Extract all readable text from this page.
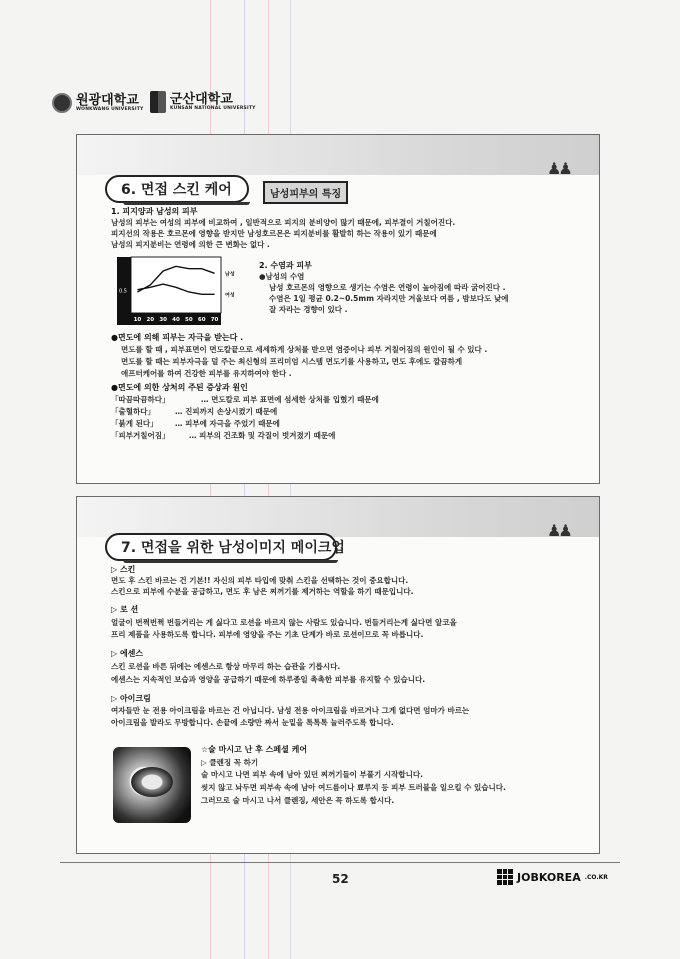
원광대학교
WONKWANG UNIVERSITY
군산대학교
KUNSAN NATIONAL UNIVERSITY
♟♟
6. 면접 스킨 케어	남성피부의 특징
1. 피지양과 남성의 피부
남성의 피부는 여성의 피부에 비교하여 , 일반적으로 피지의 분비양이 많기 때문에, 피부결이 거칠어진다.
피지선의 작용은 호르몬에 영향을 받지만 남성호르몬은 피지분비를 활발히 하는 작용이 있기 때문에
남성의 피지분비는 연령에 의한 큰 변화는 없다 .
0.5
10 20 30 40 50 60 70
남성
여성
2. 수염과 피부
●남성의 수염
남성 호르몬의 영향으로 생기는 수염은 연령이 높아짐에 따라 굵어진다 .
수염은 1일 평균 0.2~0.5mm 자라지만 겨울보다 여름 , 밤보다도 낮에
잘 자라는 경향이 있다 .
●면도에 의해 피부는 자극을 받는다 .
면도를 할 때 , 피부표면이 면도칼끝으로 세세하게 상처를 받으면 염증이나 피부 거칠어짐의 원인이 될 수 있다 .
면도를 할 때는 피부자극을 덜 주는 최신형의 프리미엄 시스템 면도기를 사용하고, 면도 후에도 깔끔하게
애프터케어를 하여 건강한 피부를 유지하여야 한다 .
●면도에 의한 상처의 주된 증상과 원인
「따끔따끔하다」	… 면도칼로 피부 표면에 섬세한 상처를 입혔기 때문에
「출혈하다」	… 진피까지 손상시켰기 때문에
「붉게 된다」 … 피부에 자극을 주었기 때문에
「피부거칠어짐」	… 피부의 건조화 및 각질이 벗겨졌기 때문에
♟♟
7. 면접을 위한 남성이미지 메이크업
▷ 스킨
면도 후 스킨 바르는 건 기본!! 자신의 피부 타입에 맞춰 스킨을 선택하는 것이 중요합니다.
스킨으로 피부에 수분을 공급하고, 면도 후 남은 찌꺼기를 제거하는 역할을 하기 때문입니다.
▷ 로 션
얼굴이 번쩍번쩍 번들거리는 게 싫다고 로션을 바르지 않는 사람도 있습니다. 번들거리는게 싫다면 알코올
프리 제품을 사용하도록 합니다. 피부에 영양을 주는 기초 단계가 바로 로션이므로 꼭 바릅니다.
▷ 에센스
스킨 로션을 바른 뒤에는 에센스로 항상 마무리 하는 습관을 기릅시다.
에센스는 지속적인 보습과 영양을 공급하기 때문에 하루종일 촉촉한 피부를 유지할 수 있습니다.
▷ 아이크림
여자들만 눈 전용 아이크림을 바르는 건 아닙니다. 남성 전용 아이크림을 바르거나 그게 없다면 엄마가 바르는
아이크림을 발라도 무방합니다. 손끝에 소량만 짜서 눈밑을 톡톡톡 눌러주도록 합니다.
☆술 마시고 난 후 스페셜 케어
▷ 클렌징 꼭 하기
술 마시고 나면 피부 속에 남아 있던 찌꺼기들이 부풀기 시작합니다.
씻지 않고 놔두면 피부속 속에 남아 여드름이나 뾰루지 등 피부 트러블을 일으킬 수 있습니다.
그러므로 술 마시고 나서 클렌징, 세안은 꼭 하도록 합시다.
52	JOBKOREA .CO.KR
